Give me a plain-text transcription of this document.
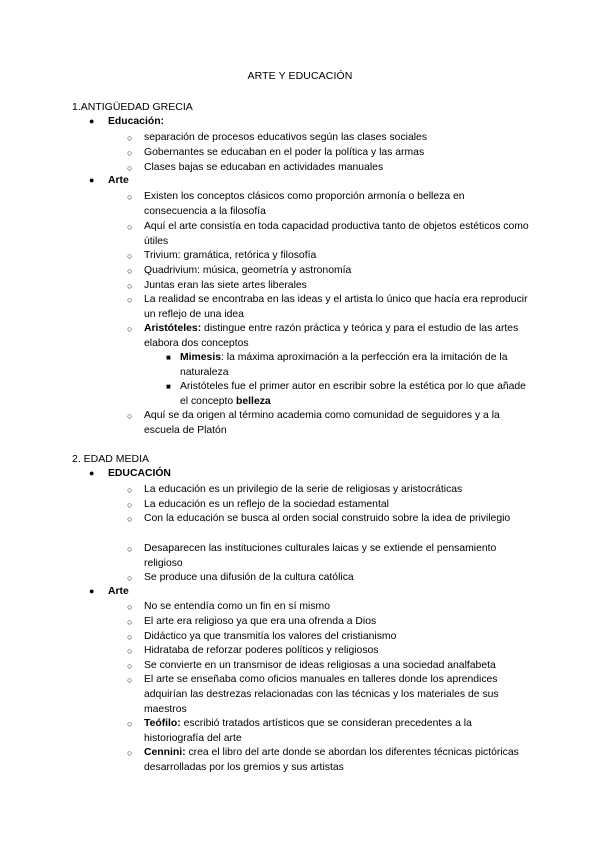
ARTE Y EDUCACIÓN
1.ANTIGÜEDAD GRECIA
● Educación:
○ separación de procesos educativos según las clases sociales
○ Gobernantes se educaban en el poder la política y las armas
○ Clases bajas se educaban en actividades manuales
● Arte
○ Existen los conceptos clásicos como proporción armonía o belleza en consecuencia a la filosofía
○ Aquí el arte consistía en toda capacidad productiva tanto de objetos estéticos como útiles
○ Trivium: gramática, retórica y filosofía
○ Quadrivium: música, geometría y astronomía
○ Juntas eran las siete artes liberales
○ La realidad se encontraba en las ideas y el artista lo único que hacía era reproducir un reflejo de una idea
○ Aristóteles: distingue entre razón práctica y teórica y para el estudio de las artes elabora dos conceptos
■ Mimesis: la máxima aproximación a la perfección era la imitación de la naturaleza
■ Aristóteles fue el primer autor en escribir sobre la estética por lo que añade el concepto belleza
○ Aquí se da origen al término academia como comunidad de seguidores y a la escuela de Platón
2. EDAD MEDIA
● EDUCACIÓN
○ La educación es un privilegio de la serie de religiosas y aristocráticas
○ La educación es un reflejo de la sociedad estamental
○ Con la educación se busca al orden social construido sobre la idea de privilegio
○ Desaparecen las instituciones culturales laicas y se extiende el pensamiento religioso
○ Se produce una difusión de la cultura católica
● Arte
○ No se entendía como un fin en sí mismo
○ El arte era religioso ya que era una ofrenda a Dios
○ Didáctico ya que transmitía los valores del cristianismo
○ Hidrataba de reforzar poderes políticos y religiosos
○ Se convierte en un transmisor de ideas religiosas a una sociedad analfabeta
○ El arte se enseñaba como oficios manuales en talleres donde los aprendices adquirían las destrezas relacionadas con las técnicas y los materiales de sus maestros
○ Teófilo: escribió tratados artísticos que se consideran precedentes a la historiografía del arte
○ Cennini: crea el libro del arte donde se abordan los diferentes técnicas pictóricas desarrolladas por los gremios y sus artistas
